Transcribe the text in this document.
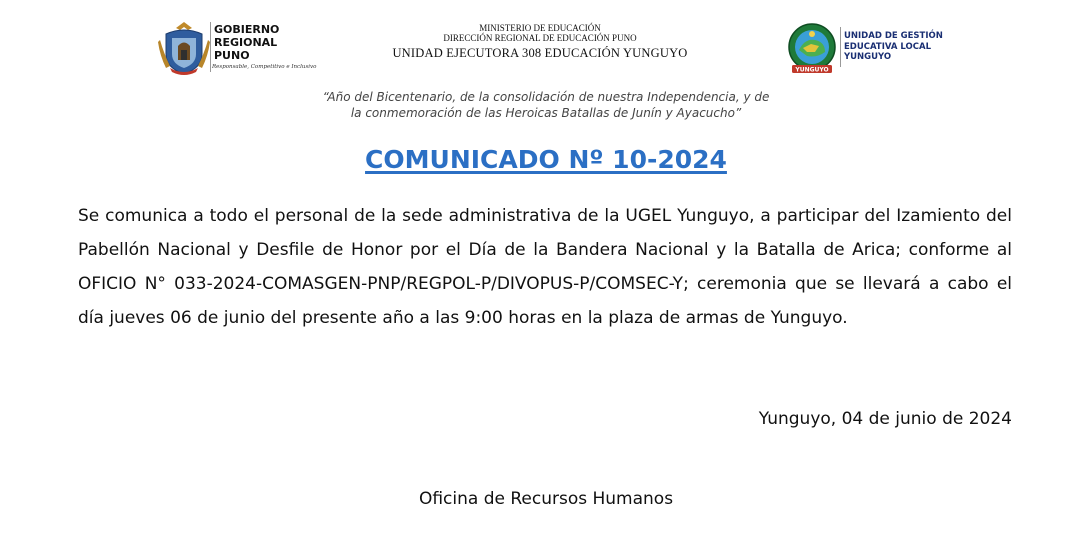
GOBIERNO
REGIONAL
PUNO
Responsable, Competitivo e Inclusivo
MINISTERIO DE EDUCACIÓN
DIRECCIÓN REGIONAL DE EDUCACIÓN PUNO
UNIDAD EJECUTORA 308 EDUCACIÓN YUNGUYO
YUNGUYO
UNIDAD DE GESTIÓN
EDUCATIVA LOCAL
YUNGUYO
“Año del Bicentenario, de la consolidación de nuestra Independencia, y de
la conmemoración de las Heroicas Batallas de Junín y Ayacucho”
COMUNICADO Nº 10-2024
Se comunica a todo el personal de la sede administrativa de la UGEL Yunguyo, a participar del Izamiento del Pabellón Nacional y Desfile de Honor por el Día de la Bandera Nacional y la Batalla de Arica; conforme al OFICIO N° 033-2024-COMASGEN-PNP/REGPOL-P/DIVOPUS-P/COMSEC-Y; ceremonia que se llevará a cabo el día jueves 06 de junio del presente año a las 9:00 horas en la plaza de armas de Yunguyo.
Yunguyo, 04 de junio de 2024
Oficina de Recursos Humanos
